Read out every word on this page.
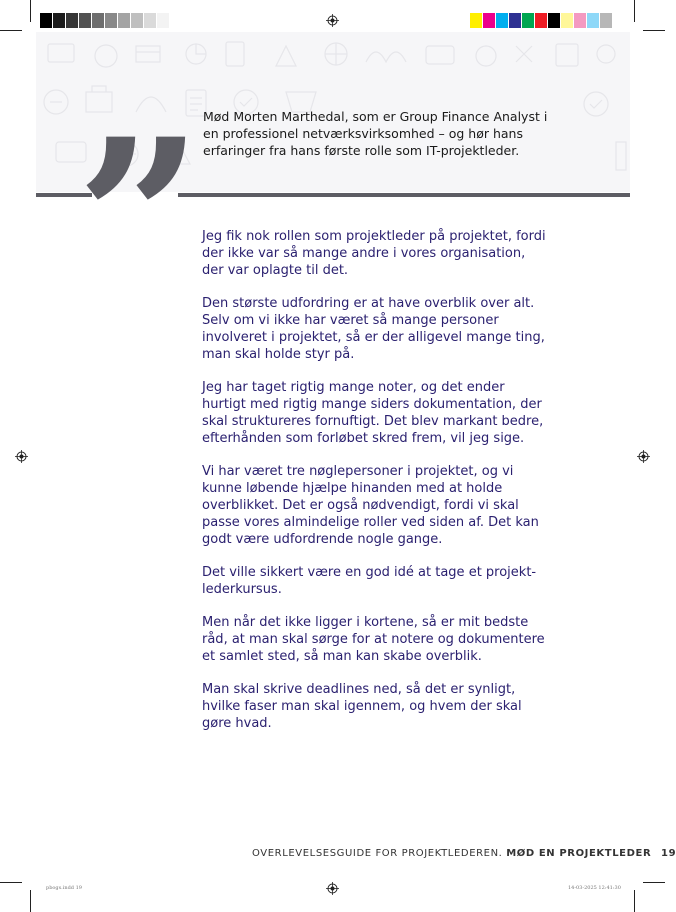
Mød Morten Marthedal, som er Group Finance Analyst i en professionel netværksvirksomhed – og hør hans erfaringer fra hans første rolle som IT-projektleder.
” Jeg fik nok rollen som projektleder på projektet, fordi der ikke var så mange andre i vores organisation, der var oplagte til det.

Den største udfordring er at have overblik over alt. Selv om vi ikke har været så mange personer involveret i projektet, så er der alligevel mange ting, man skal holde styr på.

Jeg har taget rigtig mange noter, og det ender hurtigt med rigtig mange siders dokumentation, der skal struktureres fornuftigt. Det blev markant bedre, efterhånden som forløbet skred frem, vil jeg sige.

Vi har været tre nøglepersoner i projektet, og vi kunne løbende hjælpe hinanden med at holde overblikket. Det er også nødvendigt, fordi vi skal passe vores almindelige roller ved siden af. Det kan godt være udfordrende nogle gange.

Det ville sikkert være en god idé at tage et projekt-lederkursus.

Men når det ikke ligger i kortene, så er mit bedste råd, at man skal sørge for at notere og dokumentere et samlet sted, så man kan skabe overblik.

Man skal skrive deadlines ned, så det er synligt, hvilke faser man skal igennem, og hvem der skal gøre hvad.

OVERLEVELSESGUIDE FOR PROJEKTLEDEREN. MØD EN PROJEKTLEDER 19
pbogs.indd 19	14-03-2025 12:41:30
